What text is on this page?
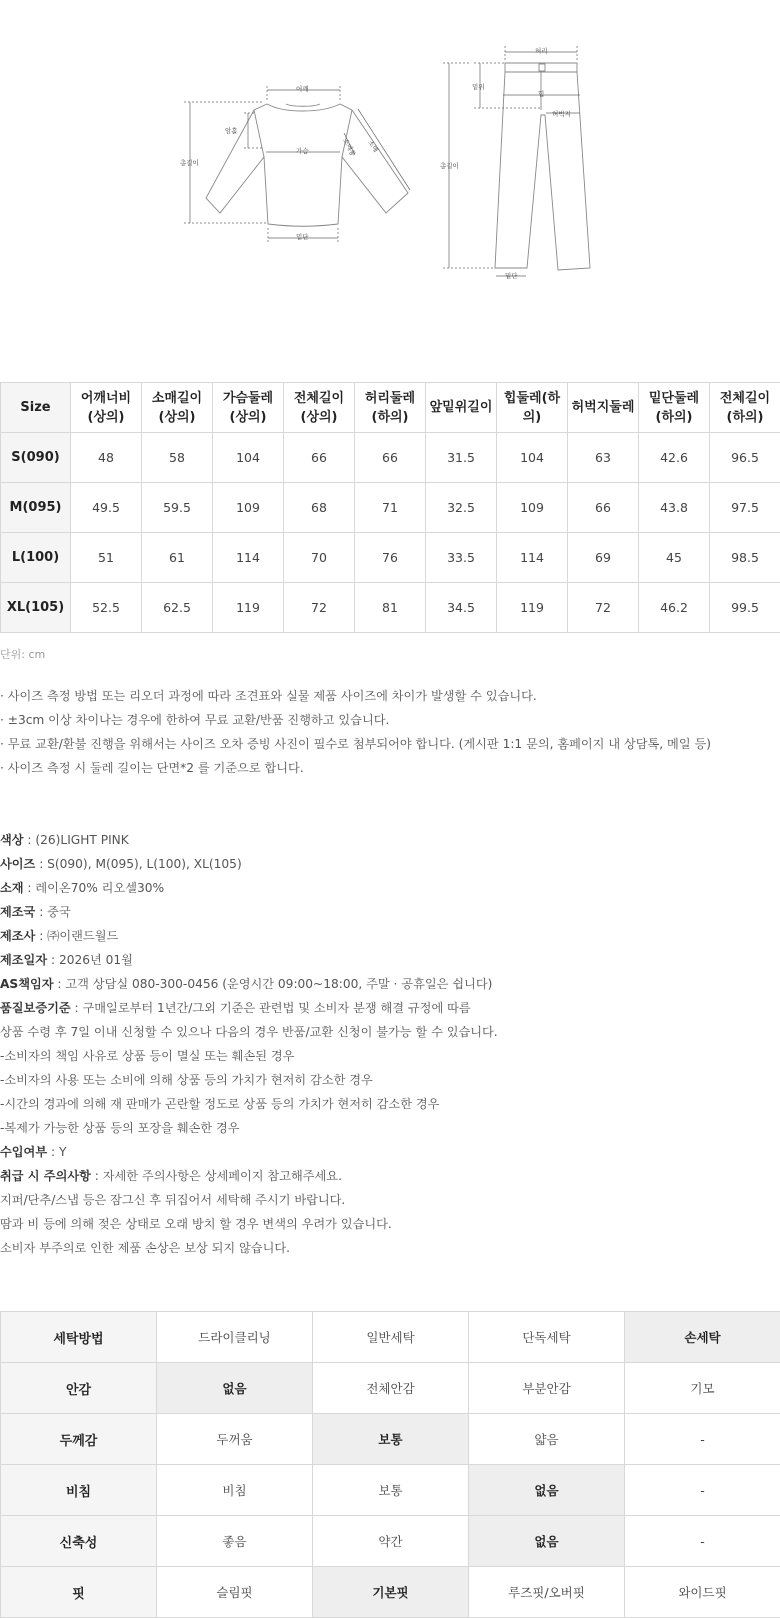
어깨
암홀
총길이
가슴	소매통 소매
밑단
허리
밑위
힙
허벅지
총길이
밑단
Size	어깨너비(상의)	소매길이(상의)	가슴둘레(상의)	전체길이(상의)	허리둘레(하의)	앞밑위길이	힙둘레(하의)	허벅지둘레	밑단둘레(하의)	전체길이(하의)
S(090)	48	58	104	66	66	31.5	104	63	42.6	96.5
M(095)	49.5	59.5	109	68	71	32.5	109	66	43.8	97.5
L(100)	51	61	114	70	76	33.5	114	69	45	98.5
XL(105)	52.5	62.5	119	72	81	34.5	119	72	46.2	99.5
단위: cm
· 사이즈 측정 방법 또는 리오더 과정에 따라 조견표와 실물 제품 사이즈에 차이가 발생할 수 있습니다.
· ±3cm 이상 차이나는 경우에 한하여 무료 교환/반품 진행하고 있습니다.
· 무료 교환/환불 진행을 위해서는 사이즈 오차 증빙 사진이 필수로 첨부되어야 합니다. (게시판 1:1 문의, 홈페이지 내 상담톡, 메일 등)
· 사이즈 측정 시 둘레 길이는 단면*2 를 기준으로 합니다.
색상 : (26)LIGHT PINK
사이즈 : S(090), M(095), L(100), XL(105)
소재 : 레이온70% 리오셀30%
제조국 : 중국
제조사 : ㈜이랜드월드
제조일자 : 2026년 01월
AS책임자 : 고객 상담실 080-300-0456 (운영시간 09:00~18:00, 주말 · 공휴일은 쉽니다)
품질보증기준 : 구매일로부터 1년간/그외 기준은 관련법 및 소비자 분쟁 해결 규정에 따름
상품 수령 후 7일 이내 신청할 수 있으나 다음의 경우 반품/교환 신청이 불가능 할 수 있습니다.
-소비자의 책임 사유로 상품 등이 멸실 또는 훼손된 경우
-소비자의 사용 또는 소비에 의해 상품 등의 가치가 현저히 감소한 경우
-시간의 경과에 의해 재 판매가 곤란할 정도로 상품 등의 가치가 현저히 감소한 경우
-복제가 가능한 상품 등의 포장을 훼손한 경우
수입여부 : Y
취급 시 주의사항 : 자세한 주의사항은 상세페이지 참고해주세요.
지퍼/단추/스냅 등은 잠그신 후 뒤집어서 세탁해 주시기 바랍니다.
땀과 비 등에 의해 젖은 상태로 오래 방치 할 경우 변색의 우려가 있습니다.
소비자 부주의로 인한 제품 손상은 보상 되지 않습니다.
세탁방법	드라이클리닝	일반세탁	단독세탁	손세탁
안감	없음	전체안감	부분안감	기모
두께감	두꺼움	보통	얇음	-
비침	비침	보통	없음	-
신축성	좋음	약간	없음	-
핏	슬림핏	기본핏	루즈핏/오버핏	와이드핏
